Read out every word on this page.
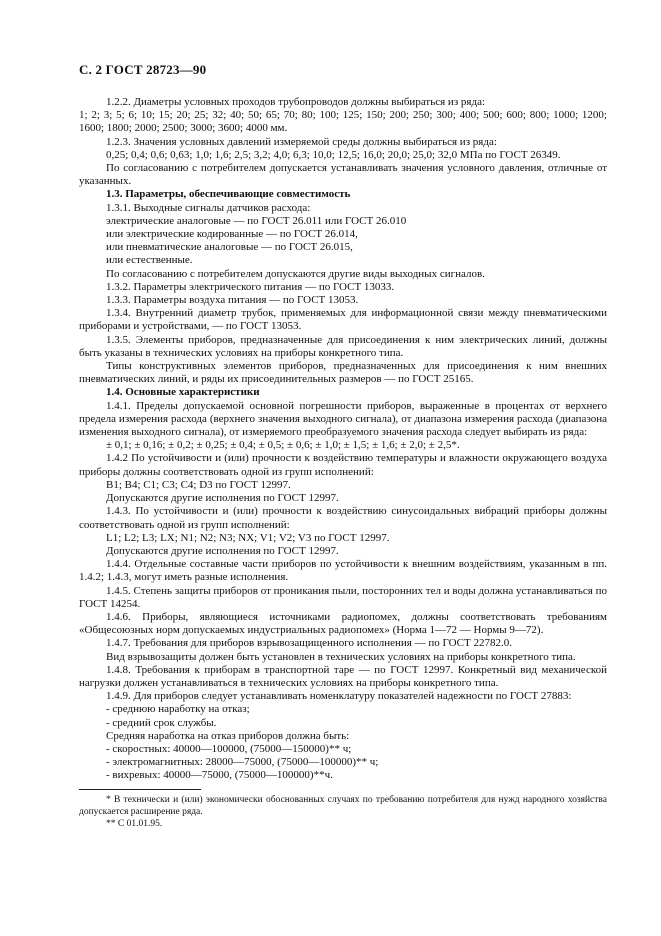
С. 2 ГОСТ 28723—90

1.2.2. Диаметры условных проходов трубопроводов должны выбираться из ряда:

1; 2; 3; 5; 6; 10; 15; 20; 25; 32; 40; 50; 65; 70; 80; 100; 125; 150; 200; 250; 300; 400; 500; 600; 800; 1000; 1200; 1600; 1800; 2000; 2500; 3000; 3600; 4000 мм.

1.2.3. Значения условных давлений измеряемой среды должны выбираться из ряда:

0,25; 0,4; 0,6; 0,63; 1,0; 1,6; 2,5; 3,2; 4,0; 6,3; 10,0; 12,5; 16,0; 20,0; 25,0; 32,0 МПа по ГОСТ 26349.

По согласованию с потребителем допускается устанавливать значения условного давления, отличные от указанных.

1.3. Параметры, обеспечивающие совместимость

1.3.1. Выходные сигналы датчиков расхода:

электрические аналоговые — по ГОСТ 26.011 или ГОСТ 26.010

или электрические кодированные — по ГОСТ 26.014,

или пневматические аналоговые — по ГОСТ 26.015,

или естественные.

По согласованию с потребителем допускаются другие виды выходных сигналов.

1.3.2. Параметры электрического питания — по ГОСТ 13033.

1.3.3. Параметры воздуха питания — по ГОСТ 13053.

1.3.4. Внутренний диаметр трубок, применяемых для информационной связи между пневматическими приборами и устройствами, — по ГОСТ 13053.

1.3.5. Элементы приборов, предназначенные для присоединения к ним электрических линий, должны быть указаны в технических условиях на приборы конкретного типа.

Типы конструктивных элементов приборов, предназначенных для присоединения к ним внешних пневматических линий, и ряды их присоединительных размеров — по ГОСТ 25165.

1.4. Основные характеристики

1.4.1. Пределы допускаемой основной погрешности приборов, выраженные в процентах от верхнего предела измерения расхода (верхнего значения выходного сигнала), от диапазона измерения расхода (диапазона изменения выходного сигнала), от измеряемого преобразуемого значения расхода следует выбирать из ряда:

± 0,1; ± 0,16; ± 0,2; ± 0,25; ± 0,4; ± 0,5; ± 0,6; ± 1,0; ± 1,5; ± 1,6; ± 2,0; ± 2,5*.

1.4.2 По устойчивости и (или) прочности к воздействию температуры и влажности окружающего воздуха приборы должны соответствовать одной из групп исполнений:

В1; В4; С1; С3; С4; D3 по ГОСТ 12997.

Допускаются другие исполнения по ГОСТ 12997.

1.4.3. По устойчивости и (или) прочности к воздействию синусоидальных вибраций приборы должны соответствовать одной из групп исполнений:

L1; L2; L3; LX; N1; N2; N3; NX; V1; V2; V3 по ГОСТ 12997.

Допускаются другие исполнения по ГОСТ 12997.

1.4.4. Отдельные составные части приборов по устойчивости к внешним воздействиям, указанным в пп. 1.4.2; 1.4.3, могут иметь разные исполнения.

1.4.5. Степень защиты приборов от проникания пыли, посторонних тел и воды должна устанавливаться по ГОСТ 14254.

1.4.6. Приборы, являющиеся источниками радиопомех, должны соответствовать требованиям «Общесоюзных норм допускаемых индустриальных радиопомех» (Норма 1—72 — Нормы 9—72).

1.4.7. Требования для приборов взрывозащищенного исполнения — по ГОСТ 22782.0.

Вид взрывозащиты должен быть установлен в технических условиях на приборы конкретного типа.

1.4.8. Требования к приборам в транспортной таре — по ГОСТ 12997. Конкретный вид механической нагрузки должен устанавливаться в технических условиях на приборы конкретного типа.

1.4.9. Для приборов следует устанавливать номенклатуру показателей надежности по ГОСТ 27883:

- среднюю наработку на отказ;

- средний срок службы.

Средняя наработка на отказ приборов должна быть:

- скоростных: 40000—100000, (75000—150000)** ч;

- электромагнитных: 28000—75000, (75000—100000)** ч;

- вихревых: 40000—75000, (75000—100000)**ч.

* В технически и (или) экономически обоснованных случаях по требованию потребителя для нужд народного хозяйства допускается расширение ряда.

** С 01.01.95.
